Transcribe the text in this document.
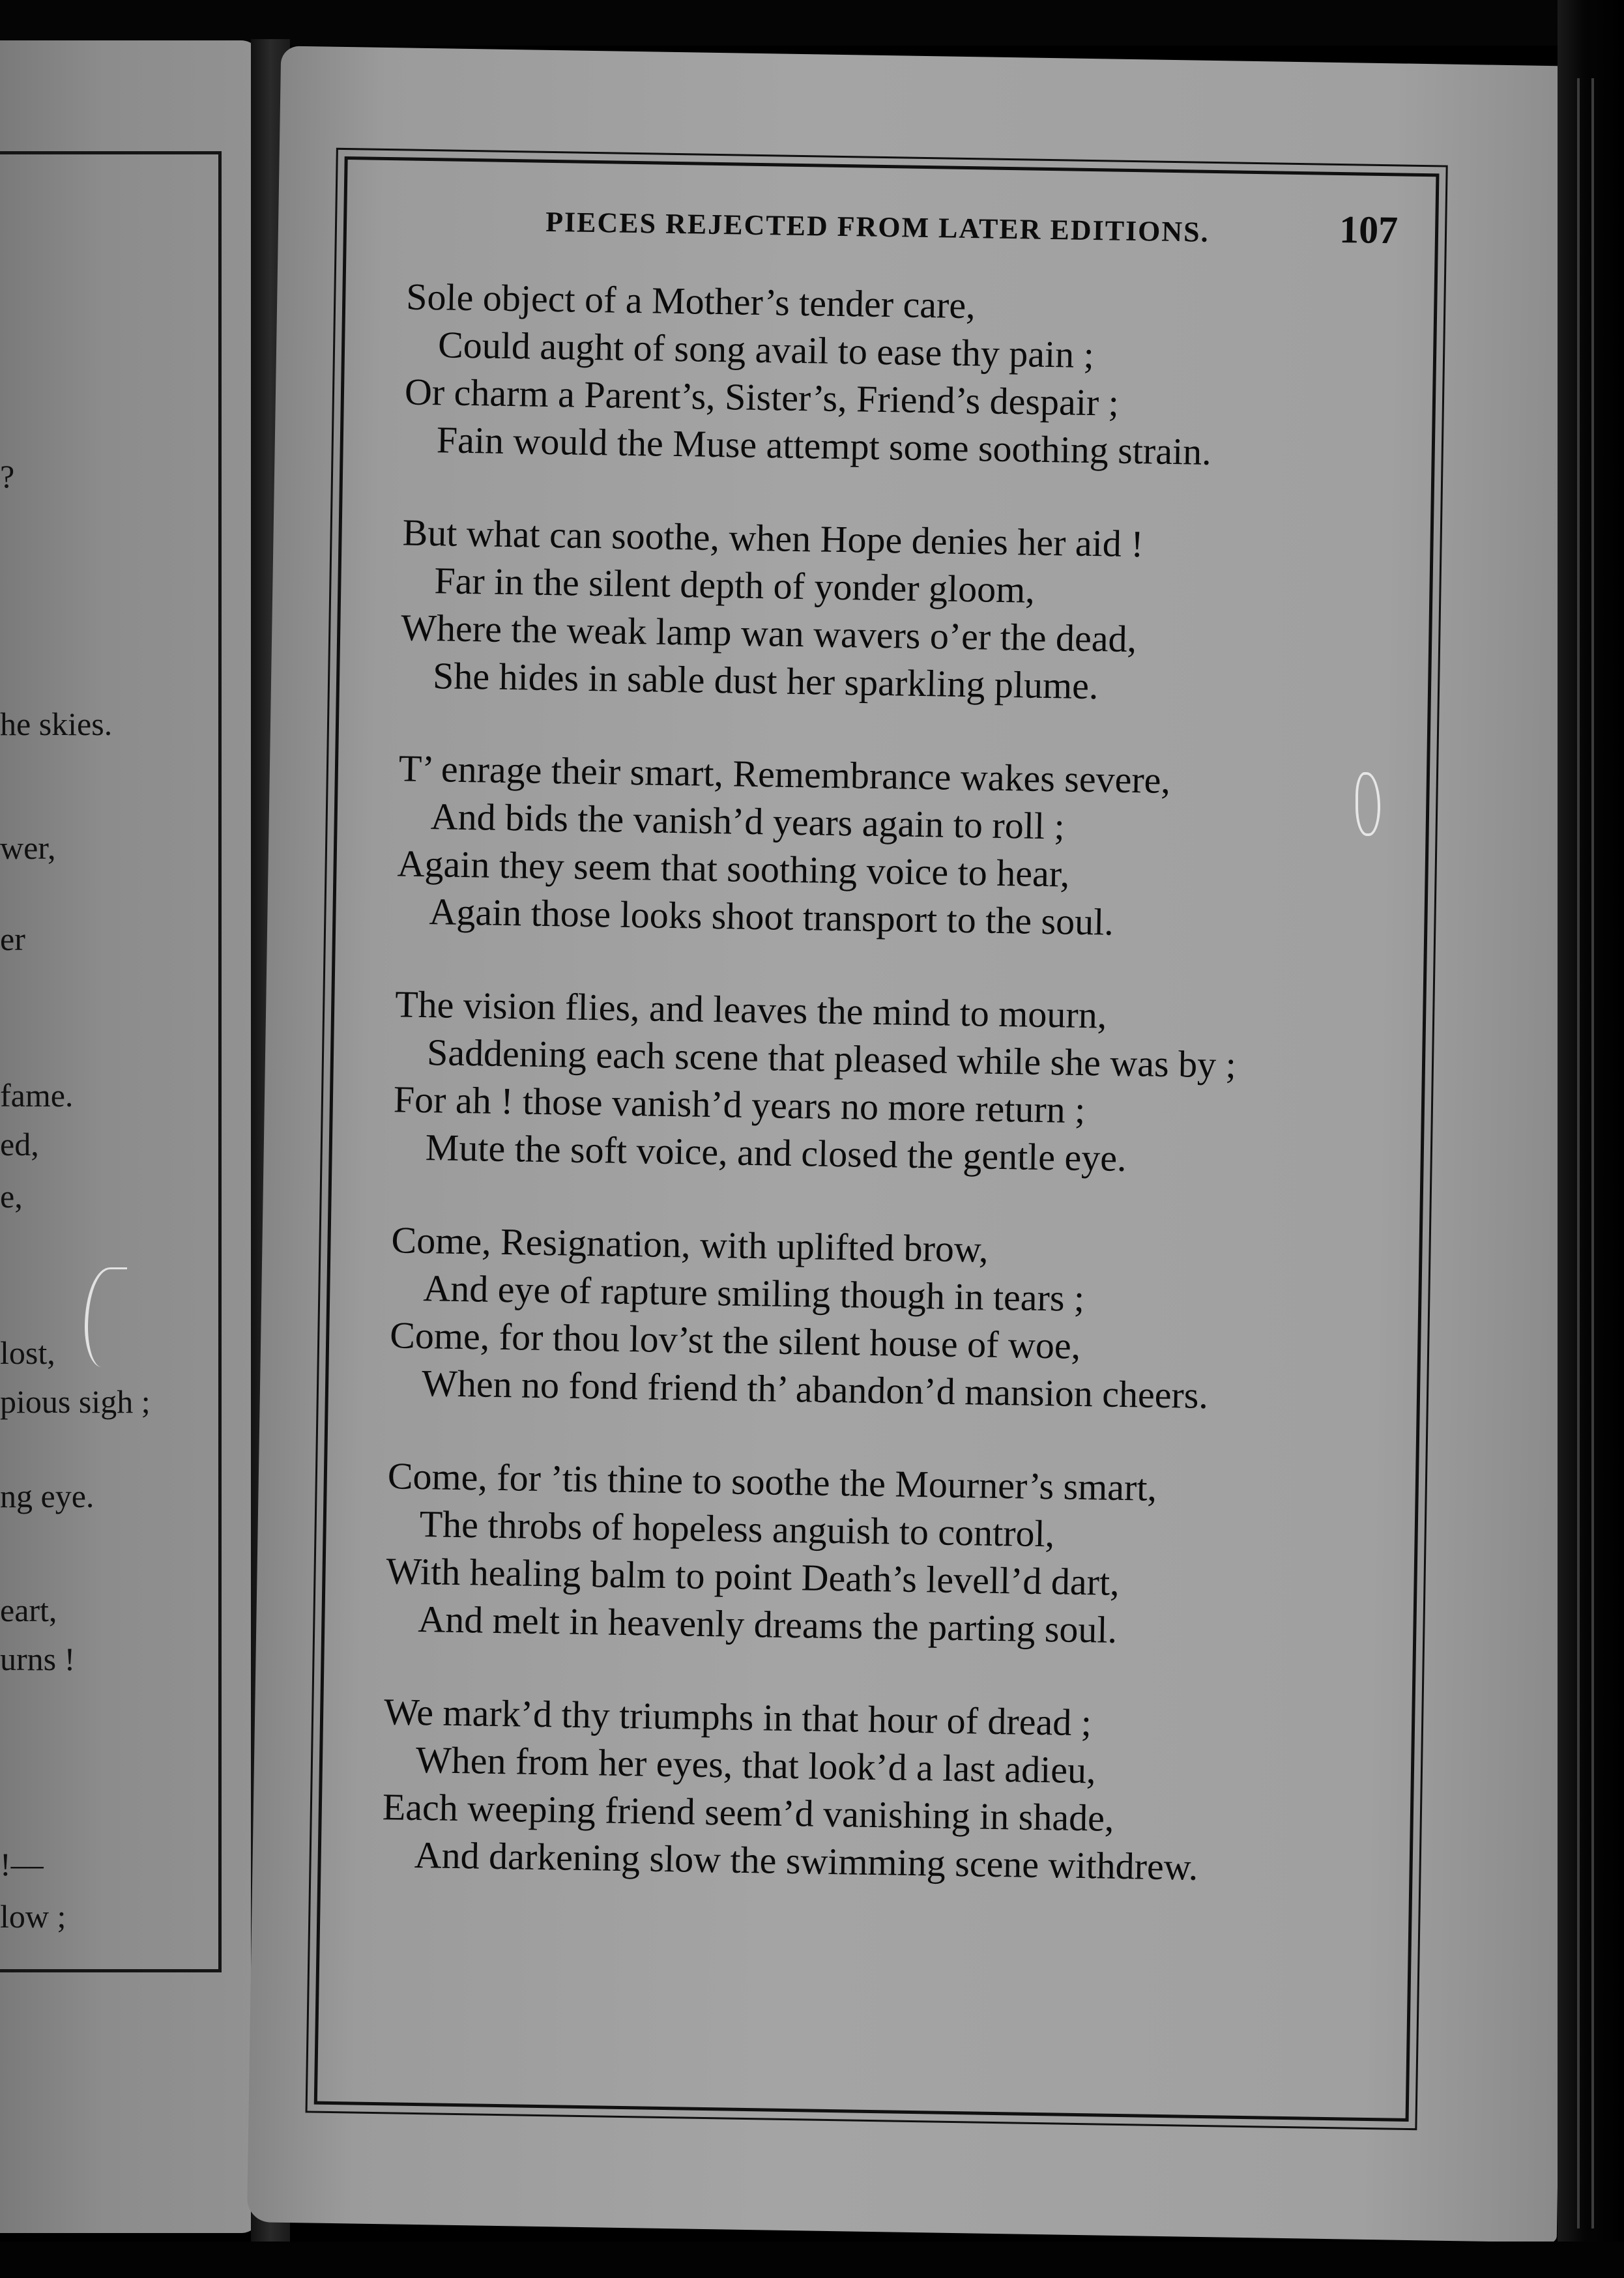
?
he skies.
wer,
er
fame.
ed,
e,
lost,
pious sigh ;
ng eye.
eart,
urns !
!—
low ;
PIECES REJECTED FROM LATER EDITIONS.	107
Sole object of a Mother’s tender care,
Could aught of song avail to ease thy pain ;
Or charm a Parent’s, Sister’s, Friend’s despair ;
Fain would the Muse attempt some soothing strain.
But what can soothe, when Hope denies her aid !
Far in the silent depth of yonder gloom,
Where the weak lamp wan wavers o’er the dead,
She hides in sable dust her sparkling plume.
T’ enrage their smart, Remembrance wakes severe,
And bids the vanish’d years again to roll ;
Again they seem that soothing voice to hear,
Again those looks shoot transport to the soul.
The vision flies, and leaves the mind to mourn,
Saddening each scene that pleased while she was by ;
For ah ! those vanish’d years no more return ;
Mute the soft voice, and closed the gentle eye.
Come, Resignation, with uplifted brow,
And eye of rapture smiling though in tears ;
Come, for thou lov’st the silent house of woe,
When no fond friend th’ abandon’d mansion cheers.
Come, for ’tis thine to soothe the Mourner’s smart,
The throbs of hopeless anguish to control,
With healing balm to point Death’s levell’d dart,
And melt in heavenly dreams the parting soul.
We mark’d thy triumphs in that hour of dread ;
When from her eyes, that look’d a last adieu,
Each weeping friend seem’d vanishing in shade,
And darkening slow the swimming scene withdrew.
